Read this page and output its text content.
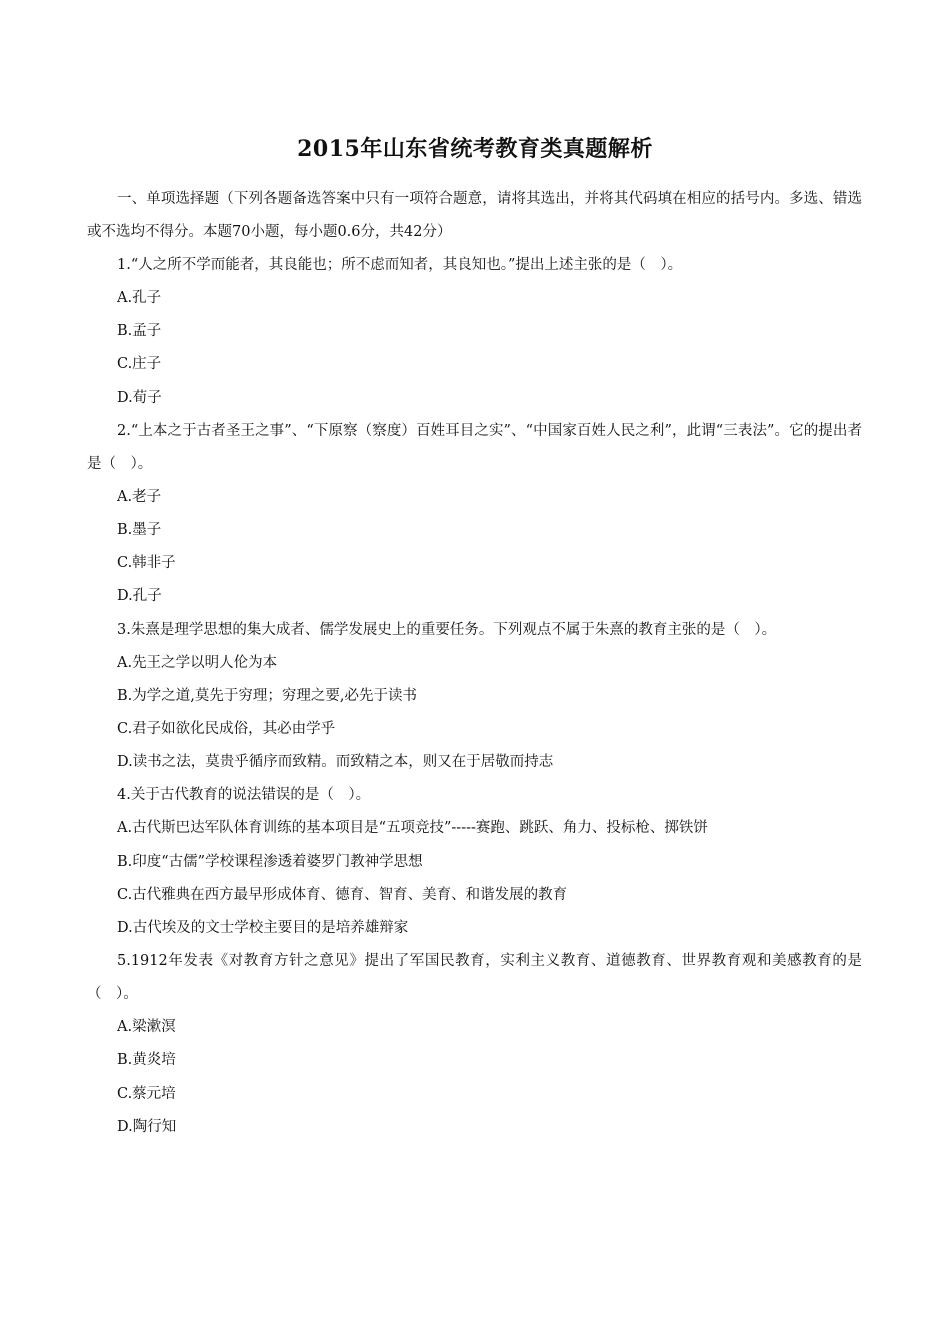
2015年山东省统考教育类真题解析

一、单项选择题（下列各题备选答案中只有一项符合题意，请将其选出，并将其代码填在相应的括号内。多选、错选或不选均不得分。本题70小题，每小题0.6分，共42分）

1.“人之所不学而能者，其良能也；所不虑而知者，其良知也。”提出上述主张的是（　）。

A.孔子

B.孟子

C.庄子

D.荀子

2.“上本之于古者圣王之事”、“下原察（察度）百姓耳目之实”、“中国家百姓人民之利”，此谓“三表法”。它的提出者是（　）。

A.老子

B.墨子

C.韩非子

D.孔子

3.朱熹是理学思想的集大成者、儒学发展史上的重要任务。下列观点不属于朱熹的教育主张的是（　）。

A.先王之学以明人伦为本

B.为学之道,莫先于穷理；穷理之要,必先于读书

C.君子如欲化民成俗，其必由学乎

D.读书之法，莫贵乎循序而致精。而致精之本，则又在于居敬而持志

4.关于古代教育的说法错误的是（　）。

A.古代斯巴达军队体育训练的基本项目是“五项竞技”-----赛跑、跳跃、角力、投标枪、掷铁饼

B.印度“古儒”学校课程渗透着婆罗门教神学思想

C.古代雅典在西方最早形成体育、德育、智育、美育、和谐发展的教育

D.古代埃及的文士学校主要目的是培养雄辩家

5.1912年发表《对教育方针之意见》提出了军国民教育，实利主义教育、道德教育、世界教育观和美感教育的是（　）。

A.梁漱溟

B.黄炎培

C.蔡元培

D.陶行知
